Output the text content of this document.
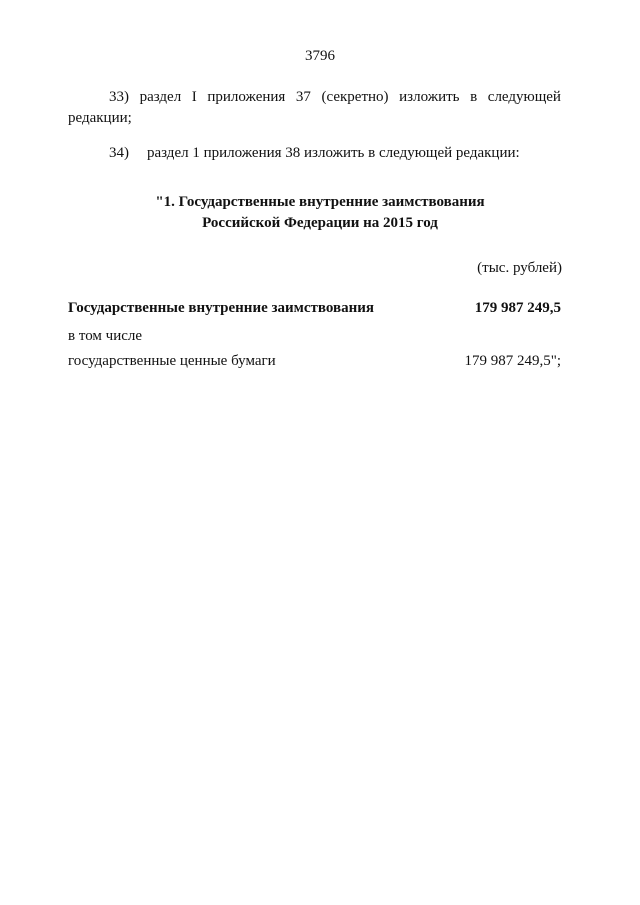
3796
33) раздел I приложения 37 (секретно) изложить в следующей
редакции;
34) раздел 1 приложения 38 изложить в следующей редакции:
"1. Государственные внутренние заимствования
Российской Федерации на 2015 год
(тыс. рублей)
Государственные внутренние заимствования	179 987 249,5
в том числе
государственные ценные бумаги	179 987 249,5";
